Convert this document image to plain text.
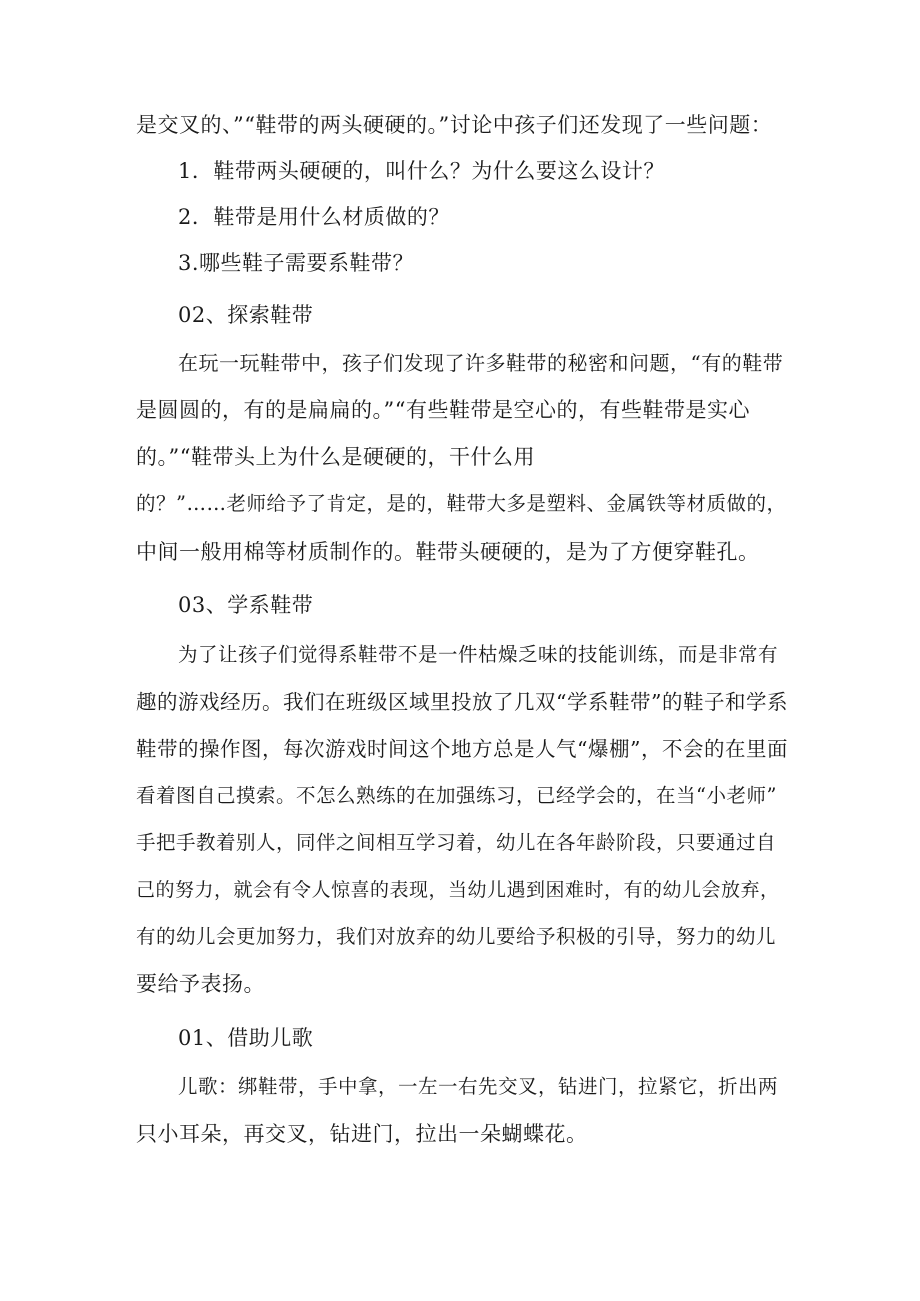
是交叉的、”“鞋带的两头硬硬的。”讨论中孩子们还发现了一些问题：
1．鞋带两头硬硬的，叫什么？为什么要这么设计？
2．鞋带是用什么材质做的？
3.哪些鞋子需要系鞋带？
02、探索鞋带
在玩一玩鞋带中，孩子们发现了许多鞋带的秘密和问题，“有的鞋带
是圆圆的，有的是扁扁的。”“有些鞋带是空心的，有些鞋带是实心
的。”“鞋带头上为什么是硬硬的，干什么用
的？”……老师给予了肯定，是的，鞋带大多是塑料、金属铁等材质做的，
中间一般用棉等材质制作的。鞋带头硬硬的，是为了方便穿鞋孔。
03、学系鞋带
为了让孩子们觉得系鞋带不是一件枯燥乏味的技能训练，而是非常有
趣的游戏经历。我们在班级区域里投放了几双“学系鞋带”的鞋子和学系
鞋带的操作图，每次游戏时间这个地方总是人气“爆棚”，不会的在里面
看着图自己摸索。不怎么熟练的在加强练习，已经学会的，在当“小老师”
手把手教着别人，同伴之间相互学习着，幼儿在各年龄阶段，只要通过自
己的努力，就会有令人惊喜的表现，当幼儿遇到困难时，有的幼儿会放弃，
有的幼儿会更加努力，我们对放弃的幼儿要给予积极的引导，努力的幼儿
要给予表扬。
01、借助儿歌
儿歌：绑鞋带，手中拿，一左一右先交叉，钻进门，拉紧它，折出两
只小耳朵，再交叉，钻进门，拉出一朵蝴蝶花。
